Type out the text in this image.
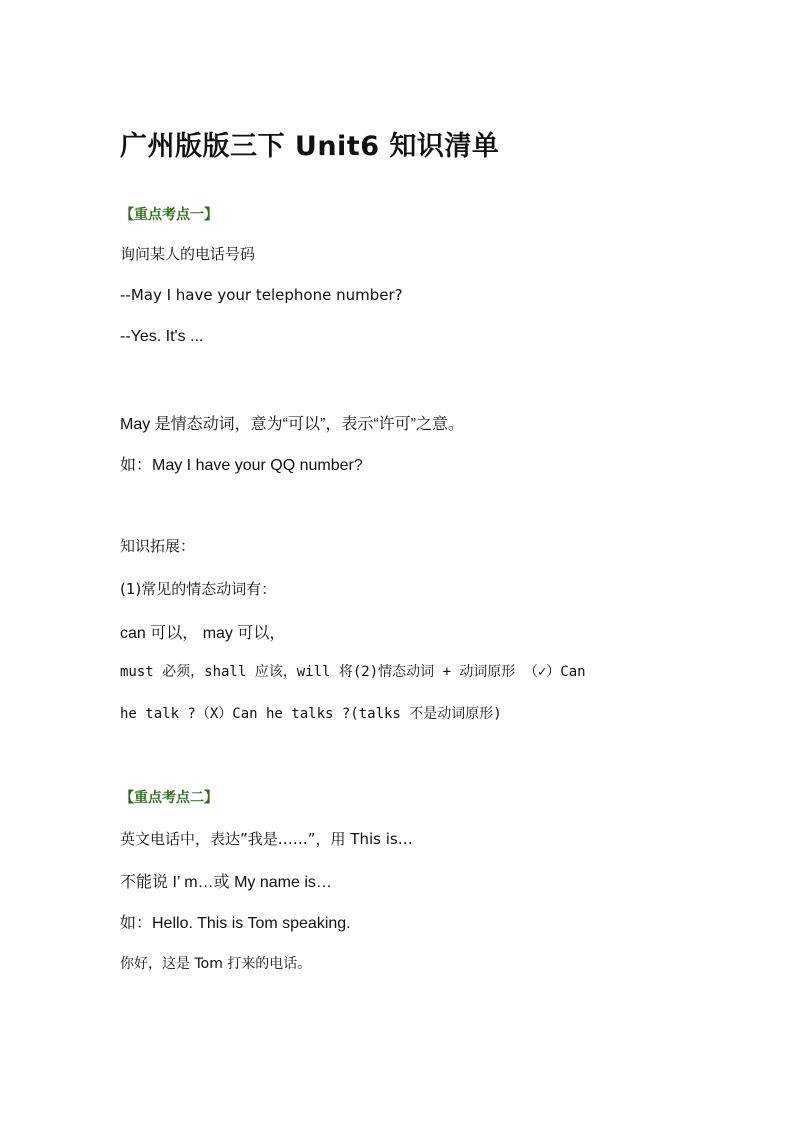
广州版版三下 Unit6 知识清单
【重点考点一】
询问某人的电话号码
--May I have your telephone number?
--Yes. It's ...
May 是情态动词，意为“可以”，表示“许可”之意。
如：May I have your QQ number?
知识拓展：
(1)常见的情态动词有：
can 可以， may 可以，
must 必须，shall 应该，will 将(2)情态动词 + 动词原形 （✓）Can
he talk ?（X）Can he talks ?(talks 不是动词原形)
【重点考点二】
英文电话中，表达”我是……”，用 This is…
不能说 I’ m…或 My name is…
如：Hello. This is Tom speaking.
你好，这是 Tom 打来的电话。
